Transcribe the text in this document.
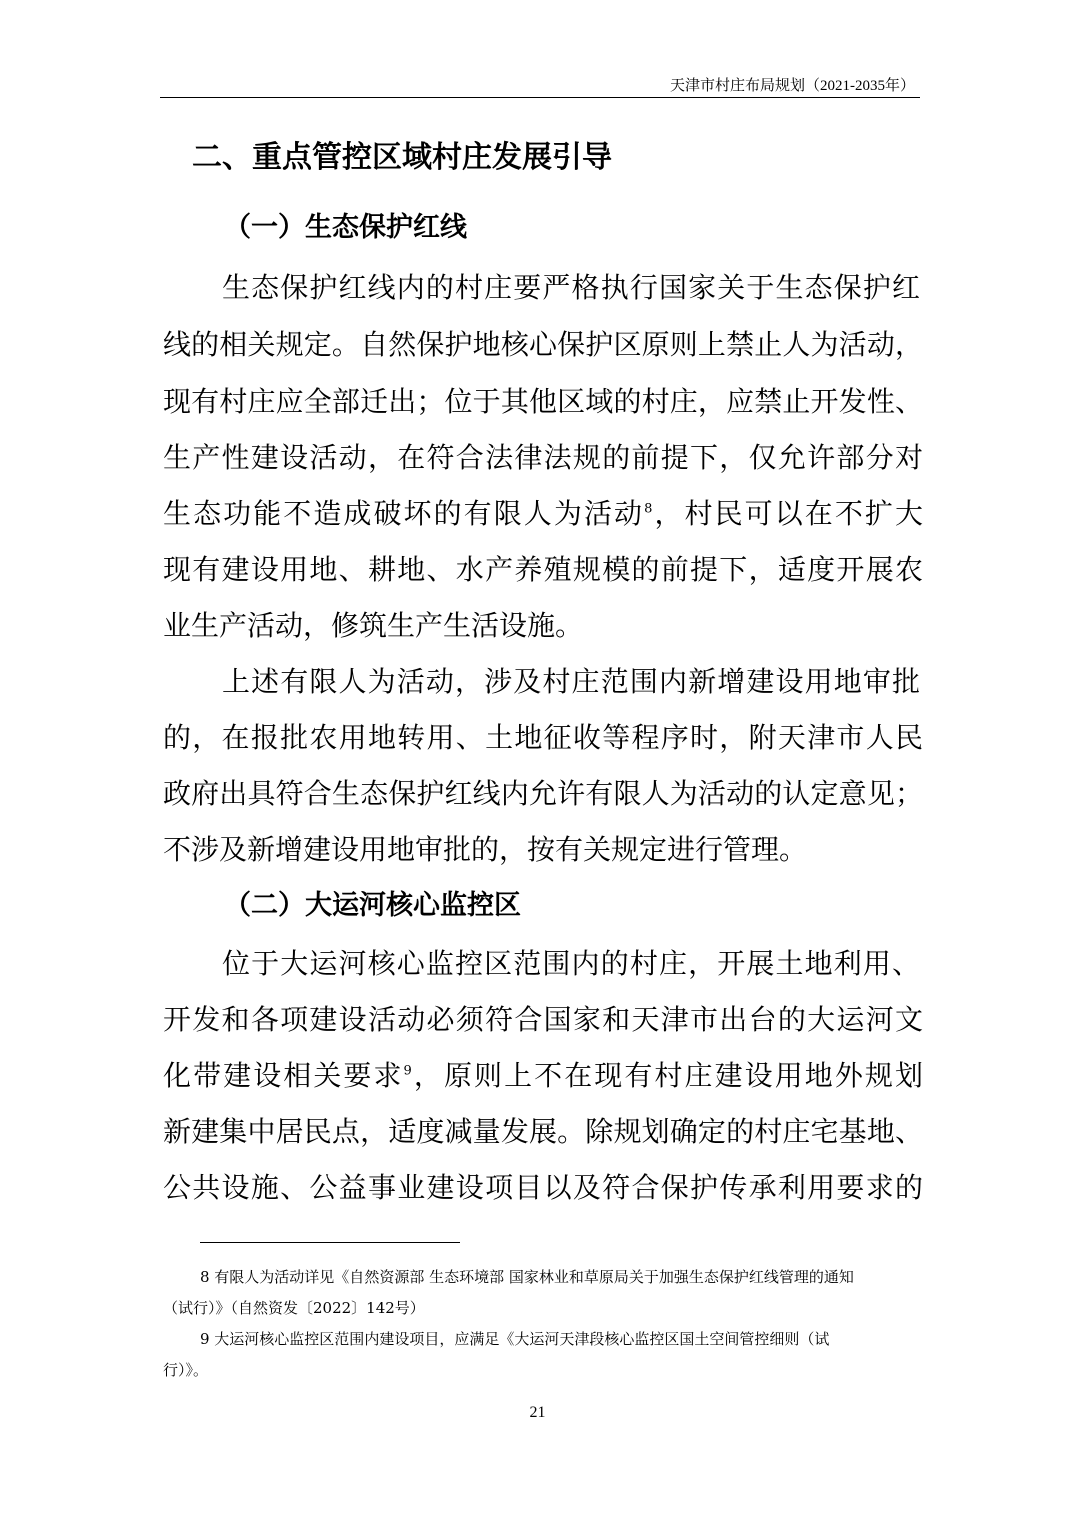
天津市村庄布局规划（2021-2035年）
二、重点管控区域村庄发展引导
（一）生态保护红线
生态保护红线内的村庄要严格执行国家关于生态保护红
线的相关规定。自然保护地核心保护区原则上禁止人为活动，
现有村庄应全部迁出；位于其他区域的村庄，应禁止开发性、
生产性建设活动，在符合法律法规的前提下，仅允许部分对
生态功能不造成破坏的有限人为活动$^8$，村民可以在不扩大
现有建设用地、耕地、水产养殖规模的前提下，适度开展农
业生产活动，修筑生产生活设施。
上述有限人为活动，涉及村庄范围内新增建设用地审批
的，在报批农用地转用、土地征收等程序时，附天津市人民
政府出具符合生态保护红线内允许有限人为活动的认定意见；
不涉及新增建设用地审批的，按有关规定进行管理。
（二）大运河核心监控区
位于大运河核心监控区范围内的村庄，开展土地利用、
开发和各项建设活动必须符合国家和天津市出台的大运河文
化带建设相关要求$^9$，原则上不在现有村庄建设用地外规划
新建集中居民点，适度减量发展。除规划确定的村庄宅基地、
公共设施、公益事业建设项目以及符合保护传承利用要求的
8 有限人为活动详见《自然资源部 生态环境部 国家林业和草原局关于加强生态保护红线管理的通知
（试行）》（自然资发〔2022〕142号）
9 大运河核心监控区范围内建设项目，应满足《大运河天津段核心监控区国土空间管控细则（试
行）》。
21
